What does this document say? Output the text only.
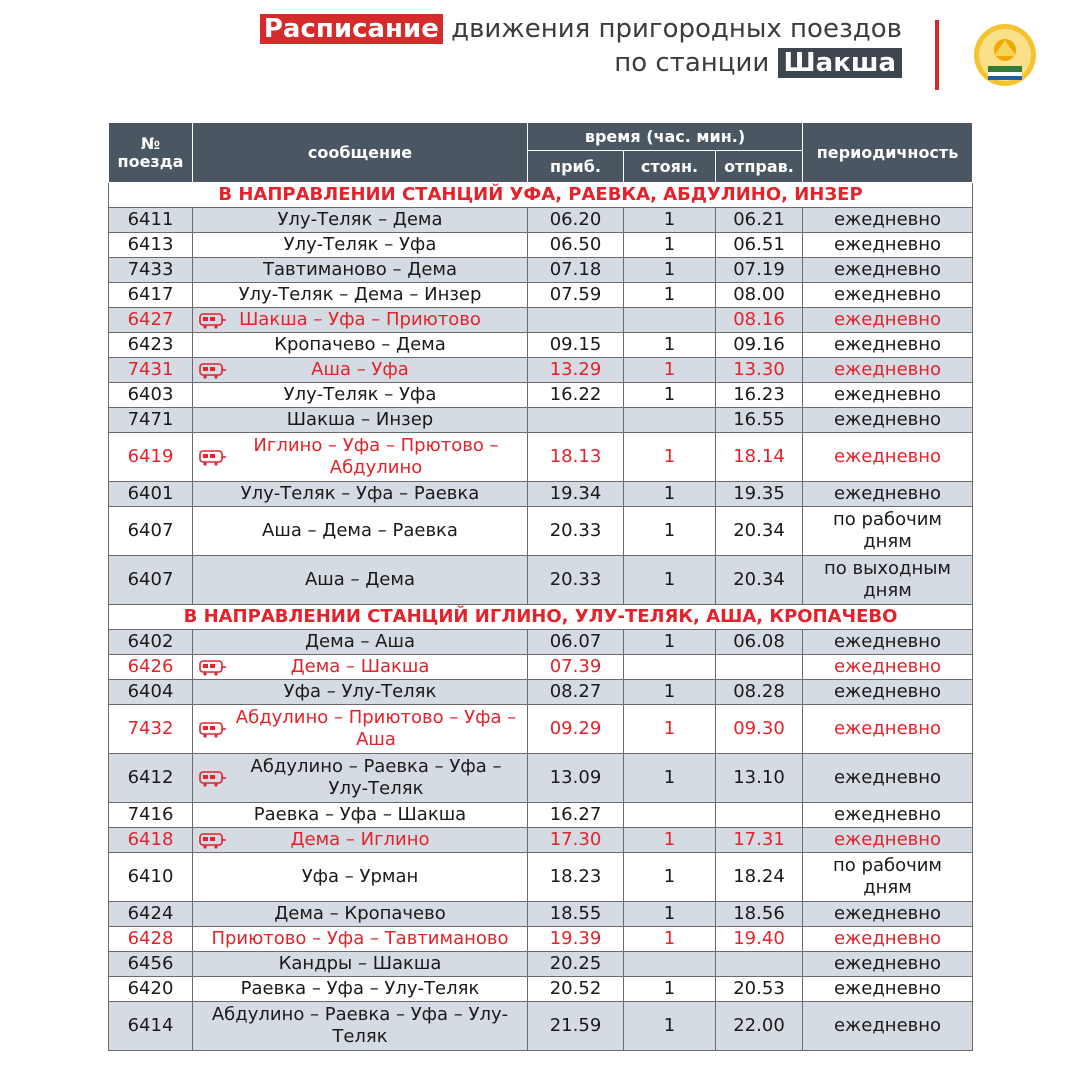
Расписание движения пригородных поездов
по станции Шакша
№ поезда	сообщение	время (час. мин.)			периодичность
		приб.	стоян.	отправ.	
В НАПРАВЛЕНИИ СТАНЦИЙ УФА, РАЕВКА, АБДУЛИНО, ИНЗЕР					
6411	Улу-Теляк – Дема	06.20	1	06.21	ежедневно
6413	Улу-Теляк – Уфа	06.50	1	06.51	ежедневно
7433	Тавтиманово – Дема	07.18	1	07.19	ежедневно
6417	Улу-Теляк – Дема – Инзер	07.59	1	08.00	ежедневно
6427	Шакша – Уфа – Приютово			08.16	ежедневно
6423	Кропачево – Дема	09.15	1	09.16	ежедневно
7431	Аша – Уфа	13.29	1	13.30	ежедневно
6403	Улу-Теляк – Уфа	16.22	1	16.23	ежедневно
7471	Шакша – Инзер			16.55	ежедневно
6419	Иглино – Уфа – Прютово – Абдулино	18.13	1	18.14	ежедневно
6401	Улу-Теляк – Уфа – Раевка	19.34	1	19.35	ежедневно
6407	Аша – Дема – Раевка	20.33	1	20.34	по рабочим дням
6407	Аша – Дема	20.33	1	20.34	по выходным дням
В НАПРАВЛЕНИИ СТАНЦИЙ ИГЛИНО, УЛУ-ТЕЛЯК, АША, КРОПАЧЕВО					
6402	Дема – Аша	06.07	1	06.08	ежедневно
6426	Дема – Шакша	07.39			ежедневно
6404	Уфа – Улу-Теляк	08.27	1	08.28	ежедневно
7432	Абдулино – Приютово – Уфа – Аша	09.29	1	09.30	ежедневно
6412	Абдулино – Раевка – Уфа – Улу-Теляк	13.09	1	13.10	ежедневно
7416	Раевка – Уфа – Шакша	16.27			ежедневно
6418	Дема – Иглино	17.30	1	17.31	ежедневно
6410	Уфа – Урман	18.23	1	18.24	по рабочим дням
6424	Дема – Кропачево	18.55	1	18.56	ежедневно
6428	Приютово – Уфа – Тавтиманово	19.39	1	19.40	ежедневно
6456	Кандры – Шакша	20.25			ежедневно
6420	Раевка – Уфа – Улу-Теляк	20.52	1	20.53	ежедневно
6414	Абдулино – Раевка – Уфа – Улу-Теляк	21.59	1	22.00	ежедневно
